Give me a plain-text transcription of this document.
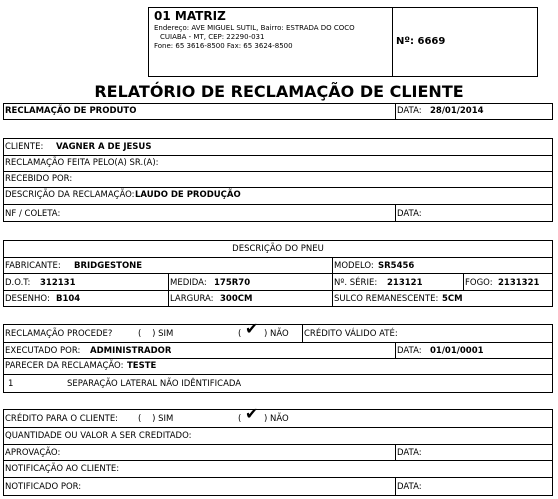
01 MATRIZ
Endereço: AVE MIGUEL SUTIL, Bairro: ESTRADA DO COCO
CUIABA - MT, CEP: 22290-031
Fone: 65 3616-8500 Fax: 65 3624-8500	Nº: 6669
RELATÓRIO DE RECLAMAÇÃO DE CLIENTE
RECLAMAÇÃO DE PRODUTO	DATA: 28/01/2014
CLIENTE: VAGNER A DE JESUS
RECLAMAÇÃO FEITA PELO(A) SR.(A):
RECEBIDO POR:
DESCRIÇÃO DA RECLAMAÇÃO: LAUDO DE PRODUÇÃO
NF / COLETA:	DATA:
DESCRIÇÃO DO PNEU
FABRICANTE: BRIDGESTONE	MODELO: SR5456
D.O.T: 312131	MEDIDA: 175R70	Nº. SÉRIE: 213121	FOGO: 2131321
DESENHO: B104	LARGURA: 300CM	SULCO REMANESCENTE: 5CM
RECLAMAÇÃO PROCEDE?	(    ) SIM	( ✔ ) NÃO CRÉDITO VÁLIDO ATÉ:
EXECUTADO POR: ADMINISTRADOR	DATA: 01/01/0001
PARECER DA RECLAMAÇÃO: TESTE
1	SEPARAÇÃO LATERAL NÃO IDÊNTIFICADA
CRÉDITO PARA O CLIENTE: (    ) SIM	( ✔ ) NÃO
QUANTIDADE OU VALOR A SER CREDITADO:
APROVAÇÃO:	DATA:
NOTIFICAÇÃO AO CLIENTE:
NOTIFICADO POR:	DATA:
